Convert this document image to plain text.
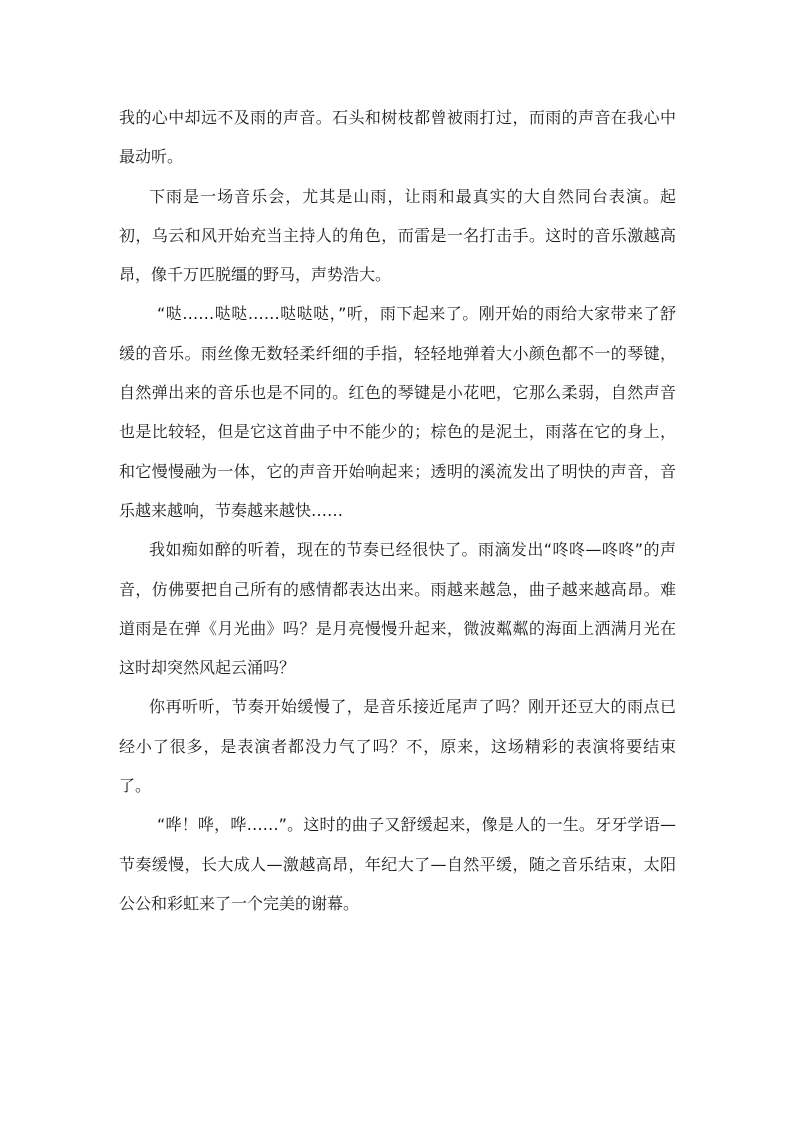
我的心中却远不及雨的声音。石头和树枝都曾被雨打过，而雨的声音在我心中最动听。

下雨是一场音乐会，尤其是山雨，让雨和最真实的大自然同台表演。起初，乌云和风开始充当主持人的角色，而雷是一名打击手。这时的音乐激越高昂，像千万匹脱缰的野马，声势浩大。

“哒……哒哒……哒哒哒，”听，雨下起来了。刚开始的雨给大家带来了舒缓的音乐。雨丝像无数轻柔纤细的手指，轻轻地弹着大小颜色都不一的琴键，自然弹出来的音乐也是不同的。红色的琴键是小花吧，它那么柔弱，自然声音也是比较轻，但是它这首曲子中不能少的；棕色的是泥土，雨落在它的身上，和它慢慢融为一体，它的声音开始响起来；透明的溪流发出了明快的声音，音乐越来越响，节奏越来越快……

我如痴如醉的听着，现在的节奏已经很快了。雨滴发出“咚咚—咚咚”的声音，仿佛要把自己所有的感情都表达出来。雨越来越急，曲子越来越高昂。难道雨是在弹《月光曲》吗？是月亮慢慢升起来，微波粼粼的海面上洒满月光在这时却突然风起云涌吗？

你再听听，节奏开始缓慢了，是音乐接近尾声了吗？刚开还豆大的雨点已经小了很多，是表演者都没力气了吗？不，原来，这场精彩的表演将要结束了。

“哗！哗，哗……”。这时的曲子又舒缓起来，像是人的一生。牙牙学语—节奏缓慢，长大成人—激越高昂，年纪大了—自然平缓，随之音乐结束，太阳公公和彩虹来了一个完美的谢幕。
